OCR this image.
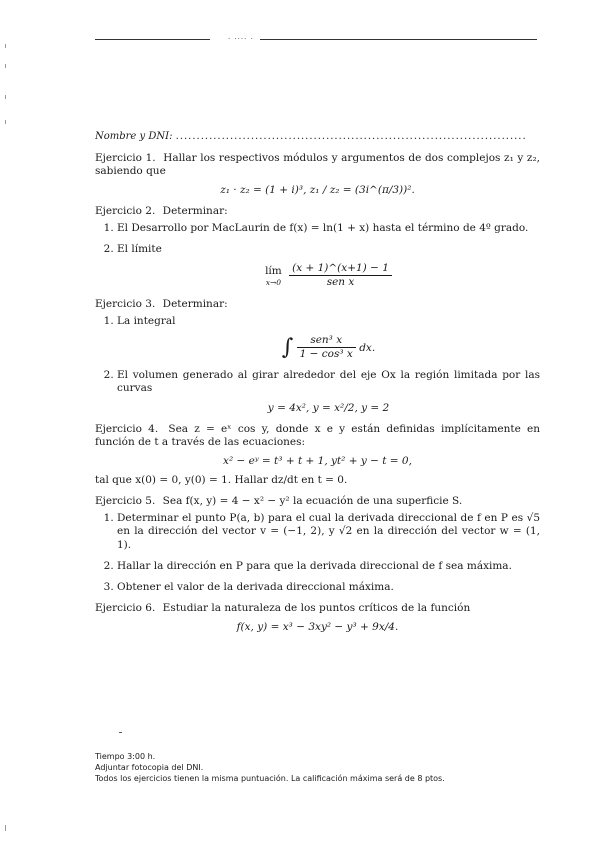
· ···· ·
Nombre y DNI: ....................................................................................
Ejercicio 1. Hallar los respectivos módulos y argumentos de dos complejos z₁ y z₂, sabiendo que
z₁ · z₂ = (1 + i)³, z₁ / z₂ = (3i^(π/3))².
Ejercicio 2. Determinar:
1. El Desarrollo por MacLaurin de f(x) = ln(1 + x) hasta el término de 4º grado.
2. El límite
lím
x→0
$\frac{(x + 1)\^{}(x+1) - 1}{\text{sen x}}$
Ejercicio 3. Determinar:
1. La integral
∫ $\frac{\text{sen³ x}}{\text{1 − cos³ x}}$ dx.
2. El volumen generado al girar alrededor del eje Ox la región limitada por las curvas
y = 4x², y = x²/2, y = 2
Ejercicio 4. Sea z = eˣ cos y, donde x e y están definidas implícitamente en función de t a través de las ecuaciones:
x² − eʸ = t³ + t + 1, yt² + y − t = 0,
tal que x(0) = 0, y(0) = 1. Hallar dz/dt en t = 0.
Ejercicio 5. Sea f(x, y) = 4 − x² − y² la ecuación de una superficie S.
1. Determinar el punto P(a, b) para el cual la derivada direccional de f en P es √5 en la dirección del vector v = (−1, 2), y √2 en la dirección del vector w = (1, 1).
2. Hallar la dirección en P para que la derivada direccional de f sea máxima.
3. Obtener el valor de la derivada direccional máxima.
Ejercicio 6. Estudiar la naturaleza de los puntos críticos de la función
f(x, y) = x³ − 3xy² − y³ + 9x/4.
Tiempo 3:00 h.
Adjuntar fotocopia del DNI.
Todos los ejercicios tienen la misma puntuación. La calificación máxima será de 8 ptos.
